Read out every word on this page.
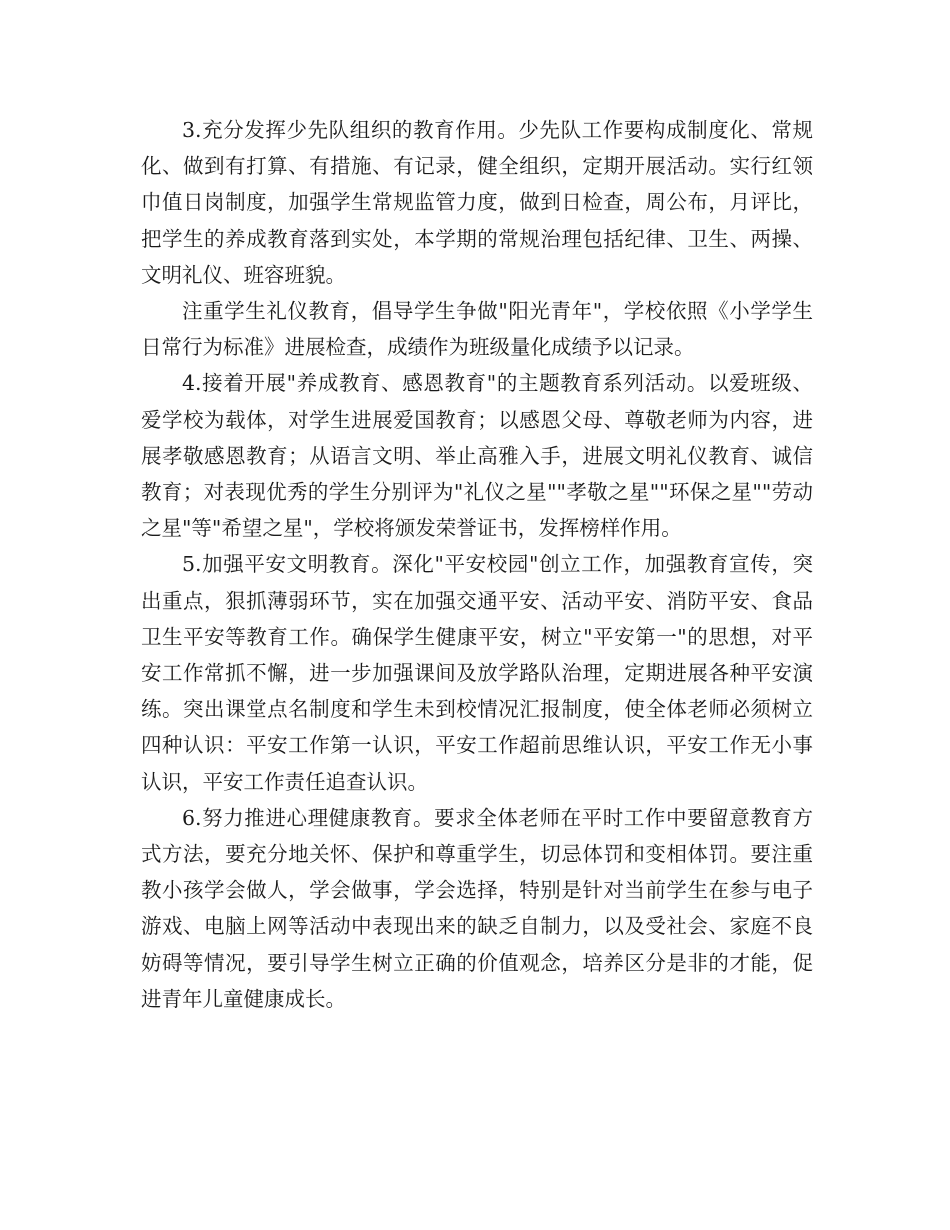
3.充分发挥少先队组织的教育作用。少先队工作要构成制度化、常规化、做到有打算、有措施、有记录，健全组织，定期开展活动。实行红领巾值日岗制度，加强学生常规监管力度，做到日检查，周公布，月评比，把学生的养成教育落到实处，本学期的常规治理包括纪律、卫生、两操、文明礼仪、班容班貌。

注重学生礼仪教育，倡导学生争做"阳光青年"，学校依照《小学学生日常行为标准》进展检查，成绩作为班级量化成绩予以记录。

4.接着开展"养成教育、感恩教育"的主题教育系列活动。以爱班级、爱学校为载体，对学生进展爱国教育；以感恩父母、尊敬老师为内容，进展孝敬感恩教育；从语言文明、举止高雅入手，进展文明礼仪教育、诚信教育；对表现优秀的学生分别评为"礼仪之星""孝敬之星""环保之星""劳动之星"等"希望之星"，学校将颁发荣誉证书，发挥榜样作用。

5.加强平安文明教育。深化"平安校园"创立工作，加强教育宣传，突出重点，狠抓薄弱环节，实在加强交通平安、活动平安、消防平安、食品卫生平安等教育工作。确保学生健康平安，树立"平安第一"的思想，对平安工作常抓不懈，进一步加强课间及放学路队治理，定期进展各种平安演练。突出课堂点名制度和学生未到校情况汇报制度，使全体老师必须树立四种认识：平安工作第一认识，平安工作超前思维认识，平安工作无小事认识，平安工作责任追查认识。

6.努力推进心理健康教育。要求全体老师在平时工作中要留意教育方式方法，要充分地关怀、保护和尊重学生，切忌体罚和变相体罚。要注重教小孩学会做人，学会做事，学会选择，特别是针对当前学生在参与电子游戏、电脑上网等活动中表现出来的缺乏自制力，以及受社会、家庭不良妨碍等情况，要引导学生树立正确的价值观念，培养区分是非的才能，促进青年儿童健康成长。
